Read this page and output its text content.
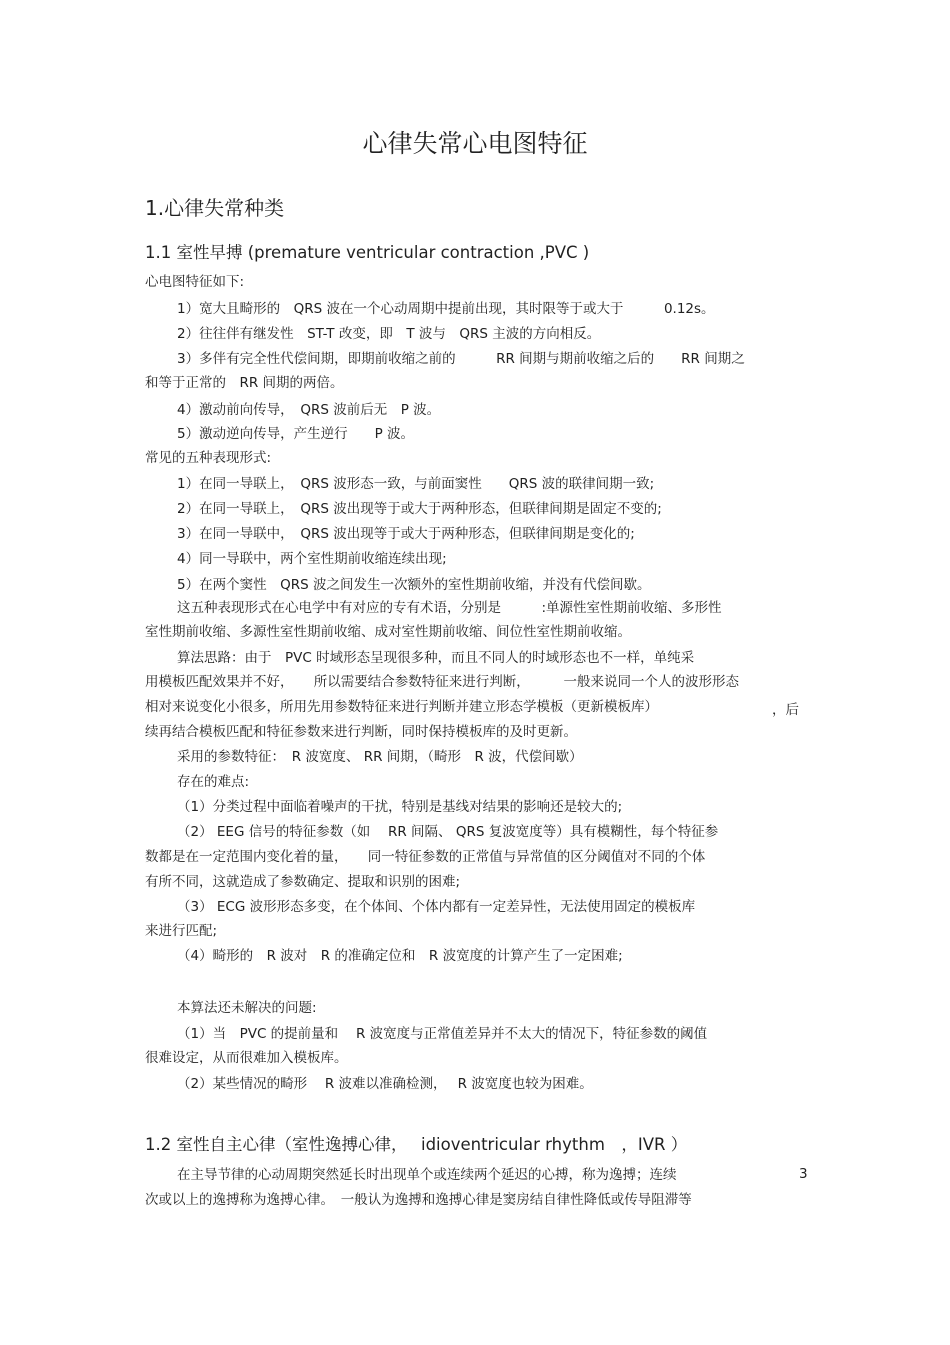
心律失常心电图特征
1.心律失常种类
1.1 室性早搏 (premature ventricular contraction ,PVC )
心电图特征如下:
1）宽大且畸形的　QRS 波在一个心动周期中提前出现，其时限等于或大于　　　0.12s。
2）往往伴有继发性　ST-T 改变，即　T 波与　QRS 主波的方向相反。
3）多伴有完全性代偿间期，即期前收缩之前的　　　RR 间期与期前收缩之后的　　RR 间期之
和等于正常的　RR 间期的两倍。
4）激动前向传导，　QRS 波前后无　P 波。
5）激动逆向传导，产生逆行　　P 波。
常见的五种表现形式:
1）在同一导联上，　QRS 波形态一致，与前面窦性　　QRS 波的联律间期一致;
2）在同一导联上，　QRS 波出现等于或大于两种形态，但联律间期是固定不变的;
3）在同一导联中，　QRS 波出现等于或大于两种形态，但联律间期是变化的;
4）同一导联中，两个室性期前收缩连续出现;
5）在两个窦性　QRS 波之间发生一次额外的室性期前收缩，并没有代偿间歇。
这五种表现形式在心电学中有对应的专有术语，分别是　　　:单源性室性期前收缩、多形性
室性期前收缩、多源性室性期前收缩、成对室性期前收缩、间位性室性期前收缩。
算法思路：由于　PVC 时域形态呈现很多种，而且不同人的时域形态也不一样，单纯采
用模板匹配效果并不好，　　所以需要结合参数特征来进行判断，　　　一般来说同一个人的波形形态
相对来说变化小很多，所用先用参数特征来进行判断并建立形态学模板（更新模板库）	，后
续再结合模板匹配和特征参数来进行判断，同时保持模板库的及时更新。
采用的参数特征：　R 波宽度、 RR 间期，（畸形　R 波，代偿间歇）
存在的难点:
（1）分类过程中面临着噪声的干扰，特别是基线对结果的影响还是较大的;
（2） EEG 信号的特征参数（如　 RR 间隔、 QRS 复波宽度等）具有模糊性，每个特征参
数都是在一定范围内变化着的量，　　同一特征参数的正常值与异常值的区分阈值对不同的个体
有所不同，这就造成了参数确定、提取和识别的困难;
（3） ECG 波形形态多变，在个体间、个体内都有一定差异性，无法使用固定的模板库
来进行匹配;
（4）畸形的　R 波对　R 的准确定位和　R 波宽度的计算产生了一定困难;
本算法还未解决的问题:
（1）当　PVC 的提前量和　 R 波宽度与正常值差异并不太大的情况下，特征参数的阈值
很难设定，从而很难加入模板库。
（2）某些情况的畸形　 R 波难以准确检测，　 R 波宽度也较为困难。
1.2 室性自主心律（室性逸搏心律，　 idioventricular rhythm　，IVR ）
在主导节律的心动周期突然延长时出现单个或连续两个延迟的心搏，称为逸搏；连续	3
次或以上的逸搏称为逸搏心律。　一般认为逸搏和逸搏心律是窦房结自律性降低或传导阻滞等
